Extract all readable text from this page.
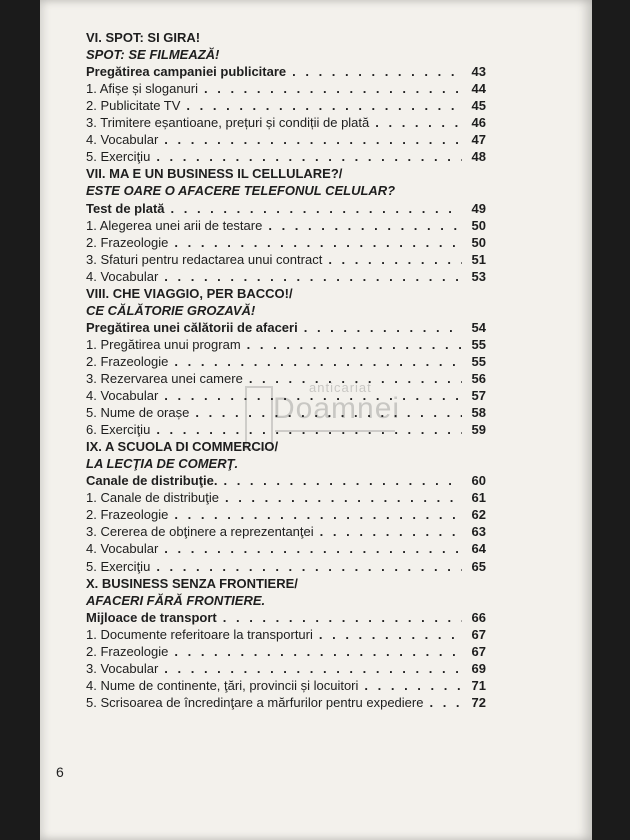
anticariat
Doamnei
VI. SPOT: SI GIRA!
SPOT: SE FILMEAZĂ!
Pregătirea campaniei publicitare . . .	43
1. Afișe și sloganuri . . .	44
2. Publicitate TV . . .	45
3. Trimitere eșantioane, prețuri și condiții de plată . . .	46
4. Vocabular . . .	47
5. Exerciţiu . . .	48
VII. MA E UN BUSINESS IL CELLULARE?/
ESTE OARE O AFACERE TELEFONUL CELULAR?
Test de plată . . .	49
1. Alegerea unei arii de testare . . .	50
2. Frazeologie . . .	50
3. Sfaturi pentru redactarea unui contract . . .	51
4. Vocabular . . .	53
VIII. CHE VIAGGIO, PER BACCO!/
CE CĂLĂTORIE GROZAVĂ!
Pregătirea unei călătorii de afaceri . . .	54
1. Pregătirea unui program . . .	55
2. Frazeologie . . .	55
3. Rezervarea unei camere . . .	56
4. Vocabular . . .	57
5. Nume de orașe . . .	58
6. Exerciţiu . . .	59
IX. A SCUOLA DI COMMERCIO/
LA LECŢIA DE COMERŢ.
Canale de distribuţie. . . .	60
1. Canale de distribuţie . . .	61
2. Frazeologie . . .	62
3. Cererea de obţinere a reprezentanţei . . .	63
4. Vocabular . . .	64
5. Exerciţiu . . .	65
X. BUSINESS SENZA FRONTIERE/
AFACERI FĂRĂ FRONTIERE.
Mijloace de transport . . .	66
1. Documente referitoare la transporturi . . .	67
2. Frazeologie . . .	67
3. Vocabular . . .	69
4. Nume de continente, ţări, provincii și locuitori . . .	71
5. Scrisoarea de încredinţare a mărfurilor pentru expediere . . .	72
6
